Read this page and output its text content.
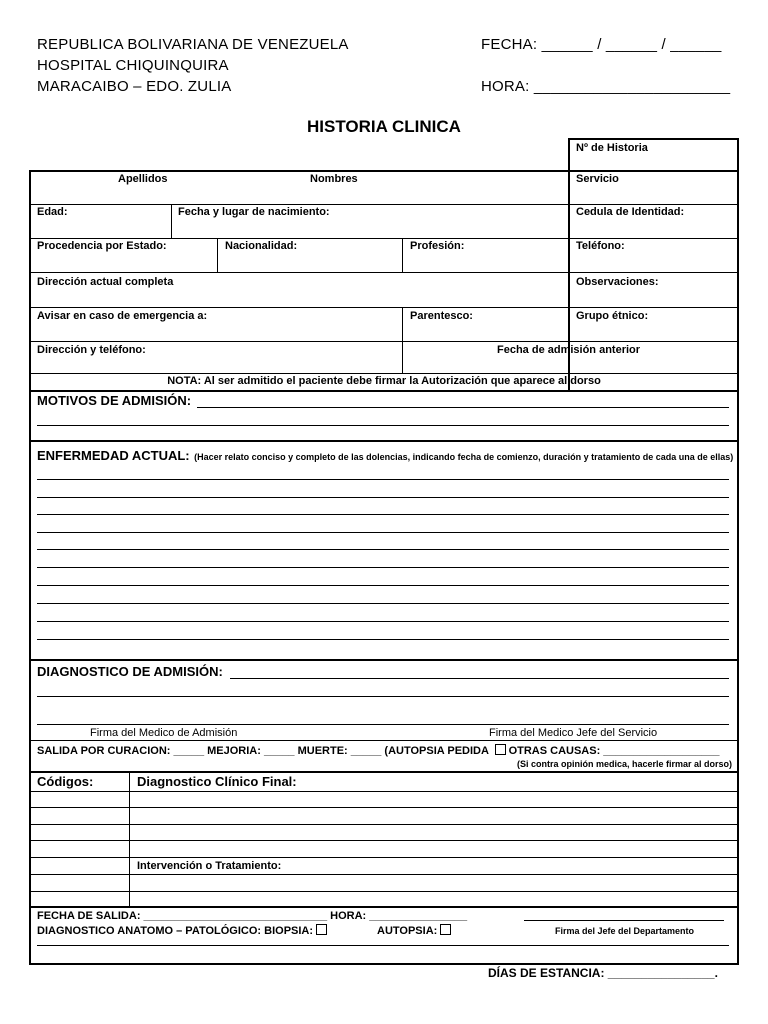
REPUBLICA BOLIVARIANA DE VENEZUELA
HOSPITAL CHIQUINQUIRA
MARACAIBO – EDO. ZULIA
FECHA: ______ / ______ / ______
HORA: _______________________
HISTORIA CLINICA
Nº de Historia
Apellidos	Nombres	Servicio
Edad:	Fecha y lugar de nacimiento:	Cedula de Identidad:
Procedencia por Estado:	Nacionalidad:	Profesión:	Teléfono:
Dirección actual completa	Observaciones:
Avisar en caso de emergencia a:	Parentesco:	Grupo étnico:
Dirección y teléfono:	Fecha de admisión anterior
NOTA: Al ser admitido el paciente debe firmar la Autorización que aparece al dorso
MOTIVOS DE ADMISIÓN:
ENFERMEDAD ACTUAL: (Hacer relato conciso y completo de las dolencias, indicando fecha de comienzo, duración y tratamiento de cada una de ellas)
DIAGNOSTICO DE ADMISIÓN:
Firma del Medico de Admisión	Firma del Medico Jefe del Servicio
SALIDA POR CURACION: _____ MEJORIA: _____ MUERTE: _____ (AUTOPSIA PEDIDA OTRAS CAUSAS: ___________________
(Si contra opinión medica, hacerle firmar al dorso)
Códigos:	Diagnostico Clínico Final:
Intervención o Tratamiento:
FECHA DE SALIDA: ______________________________ HORA: ________________
DIAGNOSTICO ANATOMO – PATOLÓGICO: BIOPSIA:	AUTOPSIA:	Firma del Jefe del Departamento
DÍAS DE ESTANCIA: ________________.
